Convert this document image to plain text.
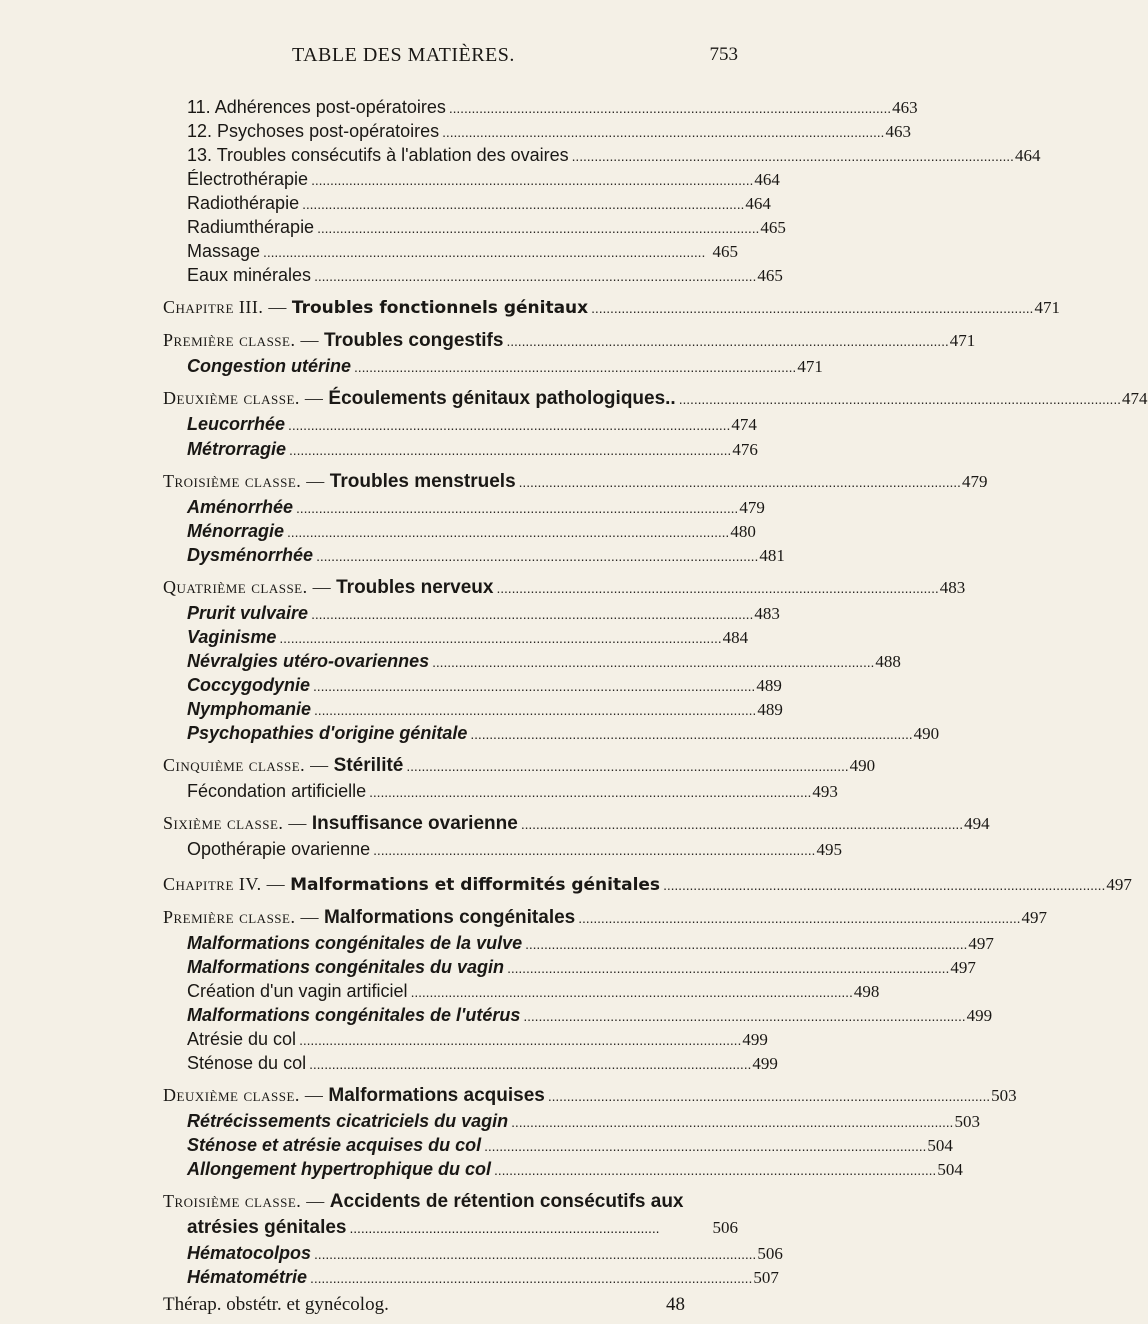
TABLE DES MATIÈRES.	753
11. Adhérences post-opératoires . . .	463
12. Psychoses post-opératoires . . .	463
13. Troubles consécutifs à l'ablation des ovaires . . .	464
Électrothérapie . . .	464
Radiothérapie . . .	464
Radiumthérapie . . .	465
Massage . . .	465
Eaux minérales . . .	465
Chapitre III. — Troubles fonctionnels génitaux . . .	471
Première classe. — Troubles congestifs . . .	471
Congestion utérine . . .	471
Deuxième classe. — Écoulements génitaux pathologiques.. . . .	474
Leucorrhée . . .	474
Métrorragie . . .	476
Troisième classe. — Troubles menstruels . . .	479
Aménorrhée . . .	479
Ménorragie . . .	480
Dysménorrhée . . .	481
Quatrième classe. — Troubles nerveux . . .	483
Prurit vulvaire . . .	483
Vaginisme . . .	484
Névralgies utéro-ovariennes . . .	488
Coccygodynie . . .	489
Nymphomanie . . .	489
Psychopathies d'origine génitale . . .	490
Cinquième classe. — Stérilité . . .	490
Fécondation artificielle . . .	493
Sixième classe. — Insuffisance ovarienne . . .	494
Opothérapie ovarienne . . .	495
Chapitre IV. — Malformations et difformités génitales . . .	497
Première classe. — Malformations congénitales . . .	497
Malformations congénitales de la vulve . . .	497
Malformations congénitales du vagin . . .	497
Création d'un vagin artificiel . . .	498
Malformations congénitales de l'utérus . . .	499
Atrésie du col . . .	499
Sténose du col . . .	499
Deuxième classe. — Malformations acquises . . .	503
Rétrécissements cicatriciels du vagin . . .	503
Sténose et atrésie acquises du col . . .	504
Allongement hypertrophique du col . . .	504
Troisième classe. — Accidents de rétention consécutifs aux
atrésies génitales . . .	506
Hématocolpos . . .	506
Hématométrie . . .	507
Thérap. obstétr. et gynécolog.	48
